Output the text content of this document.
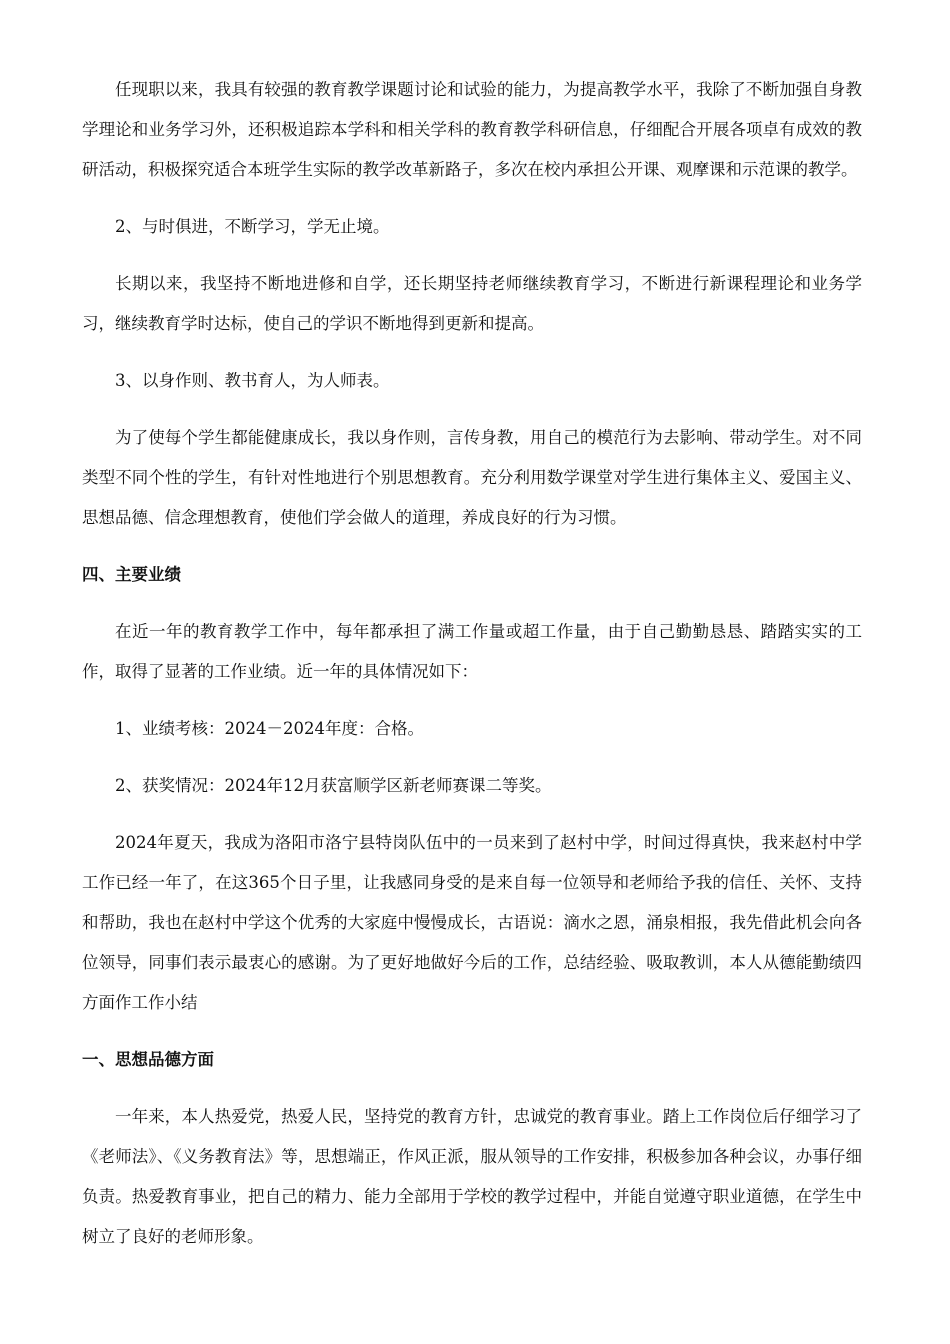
任现职以来，我具有较强的教育教学课题讨论和试验的能力，为提高教学水平，我除了不断加强自身教学理论和业务学习外，还积极追踪本学科和相关学科的教育教学科研信息，仔细配合开展各项卓有成效的教研活动，积极探究适合本班学生实际的教学改革新路子，多次在校内承担公开课、观摩课和示范课的教学。

2、与时俱进，不断学习，学无止境。

长期以来，我坚持不断地进修和自学，还长期坚持老师继续教育学习，不断进行新课程理论和业务学习，继续教育学时达标，使自己的学识不断地得到更新和提高。

3、以身作则、教书育人，为人师表。

为了使每个学生都能健康成长，我以身作则，言传身教，用自己的模范行为去影响、带动学生。对不同类型不同个性的学生，有针对性地进行个别思想教育。充分利用数学课堂对学生进行集体主义、爱国主义、思想品德、信念理想教育，使他们学会做人的道理，养成良好的行为习惯。

四、主要业绩

在近一年的教育教学工作中，每年都承担了满工作量或超工作量，由于自己勤勤恳恳、踏踏实实的工作，取得了显著的工作业绩。近一年的具体情况如下：

1、业绩考核：2024－2024年度：合格。

2、获奖情况：2024年12月获富顺学区新老师赛课二等奖。

2024年夏天，我成为洛阳市洛宁县特岗队伍中的一员来到了赵村中学，时间过得真快，我来赵村中学工作已经一年了，在这365个日子里，让我感同身受的是来自每一位领导和老师给予我的信任、关怀、支持和帮助，我也在赵村中学这个优秀的大家庭中慢慢成长，古语说：滴水之恩，涌泉相报，我先借此机会向各位领导，同事们表示最衷心的感谢。为了更好地做好今后的工作，总结经验、吸取教训，本人从德能勤绩四方面作工作小结

一、思想品德方面

一年来，本人热爱党，热爱人民，坚持党的教育方针，忠诚党的教育事业。踏上工作岗位后仔细学习了《老师法》、《义务教育法》等，思想端正，作风正派，服从领导的工作安排，积极参加各种会议，办事仔细负责。热爱教育事业，把自己的精力、能力全部用于学校的教学过程中，并能自觉遵守职业道德，在学生中树立了良好的老师形象。
